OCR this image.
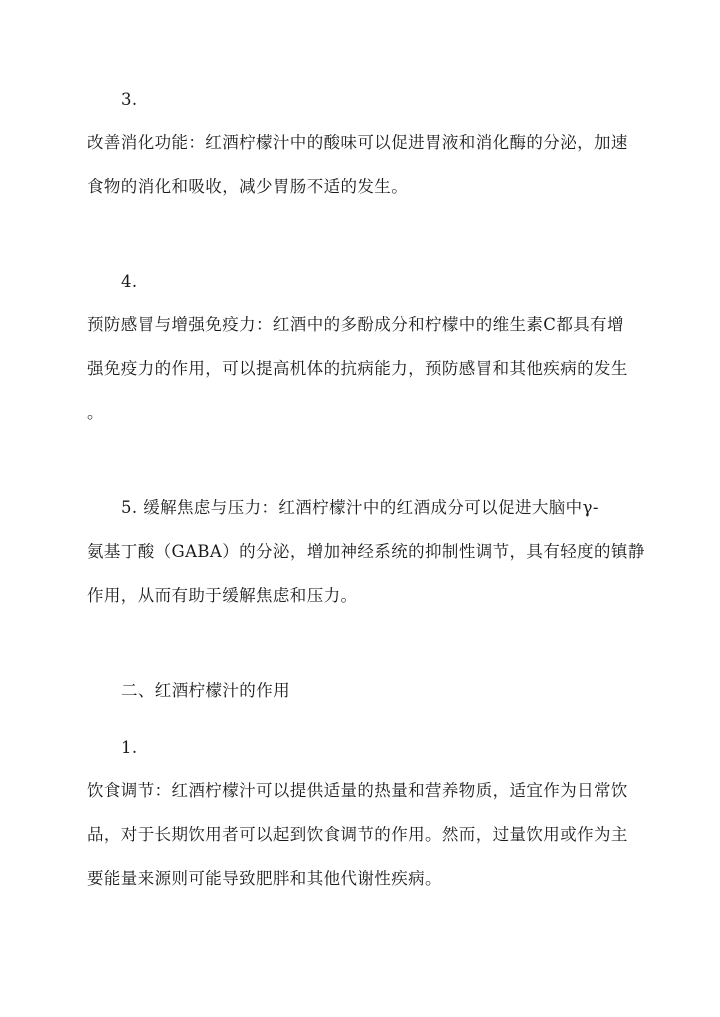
3.
改善消化功能：红酒柠檬汁中的酸味可以促进胃液和消化酶的分泌，加速
食物的消化和吸收，减少胃肠不适的发生。
4.
预防感冒与增强免疫力：红酒中的多酚成分和柠檬中的维生素C都具有增
强免疫力的作用，可以提高机体的抗病能力，预防感冒和其他疾病的发生
。
5. 缓解焦虑与压力：红酒柠檬汁中的红酒成分可以促进大脑中γ-
氨基丁酸（GABA）的分泌，增加神经系统的抑制性调节，具有轻度的镇静
作用，从而有助于缓解焦虑和压力。
二、红酒柠檬汁的作用
1.
饮食调节：红酒柠檬汁可以提供适量的热量和营养物质，适宜作为日常饮
品，对于长期饮用者可以起到饮食调节的作用。然而，过量饮用或作为主
要能量来源则可能导致肥胖和其他代谢性疾病。
